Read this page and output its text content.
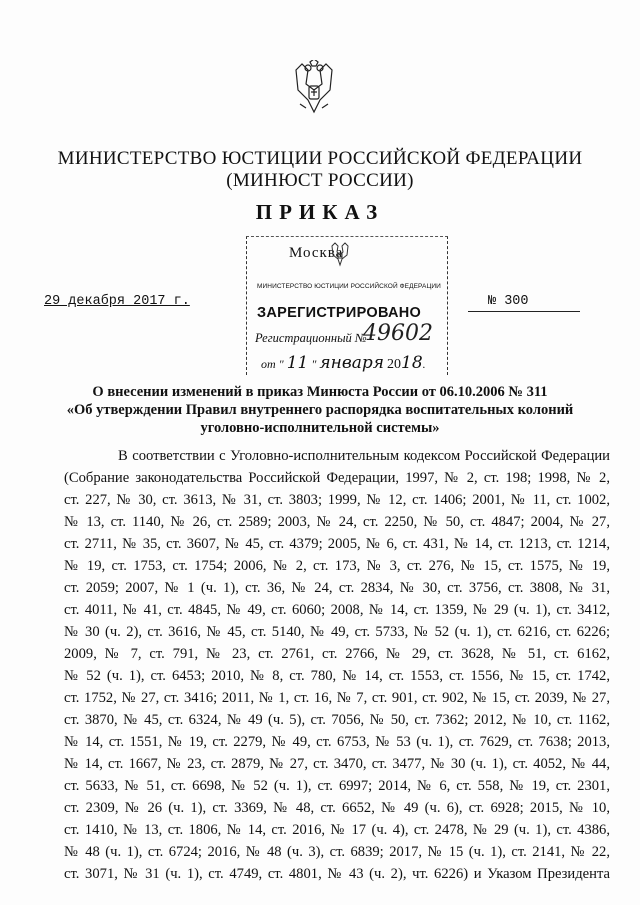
МИНИСТЕРСТВО ЮСТИЦИИ РОССИЙСКОЙ ФЕДЕРАЦИИ
(МИНЮСТ РОССИИ)
ПРИКАЗ
Москва
МИНИСТЕРСТВО ЮСТИЦИИ РОССИЙСКОЙ ФЕДЕРАЦИИ
ЗАРЕГИСТРИРОВАНО
Регистрационный №
49602
от " 11 " января 2018.
29 декабря 2017 г.	№ 300
О внесении изменений в приказ Минюста России от 06.10.2006 № 311
«Об утверждении Правил внутреннего распорядка воспитательных колоний
уголовно-исполнительной системы»
В соответствии с Уголовно-исполнительным кодексом Российской Федерации
(Собрание законодательства Российской Федерации, 1997, № 2, ст. 198; 1998, № 2,
ст. 227, № 30, ст. 3613, № 31, ст. 3803; 1999, № 12, ст. 1406; 2001, № 11, ст. 1002,
№ 13, ст. 1140, № 26, ст. 2589; 2003, № 24, ст. 2250, № 50, ст. 4847; 2004, № 27,
ст. 2711, № 35, ст. 3607, № 45, ст. 4379; 2005, № 6, ст. 431, № 14, ст. 1213, ст. 1214,
№ 19, ст. 1753, ст. 1754; 2006, № 2, ст. 173, № 3, ст. 276, № 15, ст. 1575, № 19,
ст. 2059; 2007, № 1 (ч. 1), ст. 36, № 24, ст. 2834, № 30, ст. 3756, ст. 3808, № 31,
ст. 4011, № 41, ст. 4845, № 49, ст. 6060; 2008, № 14, ст. 1359, № 29 (ч. 1), ст. 3412,
№ 30 (ч. 2), ст. 3616, № 45, ст. 5140, № 49, ст. 5733, № 52 (ч. 1), ст. 6216, ст. 6226;
2009, № 7, ст. 791, № 23, ст. 2761, ст. 2766, № 29, ст. 3628, № 51, ст. 6162,
№ 52 (ч. 1), ст. 6453; 2010, № 8, ст. 780, № 14, ст. 1553, ст. 1556, № 15, ст. 1742,
ст. 1752, № 27, ст. 3416; 2011, № 1, ст. 16, № 7, ст. 901, ст. 902, № 15, ст. 2039, № 27,
ст. 3870, № 45, ст. 6324, № 49 (ч. 5), ст. 7056, № 50, ст. 7362; 2012, № 10, ст. 1162,
№ 14, ст. 1551, № 19, ст. 2279, № 49, ст. 6753, № 53 (ч. 1), ст. 7629, ст. 7638; 2013,
№ 14, ст. 1667, № 23, ст. 2879, № 27, ст. 3470, ст. 3477, № 30 (ч. 1), ст. 4052, № 44,
ст. 5633, № 51, ст. 6698, № 52 (ч. 1), ст. 6997; 2014, № 6, ст. 558, № 19, ст. 2301,
ст. 2309, № 26 (ч. 1), ст. 3369, № 48, ст. 6652, № 49 (ч. 6), ст. 6928; 2015, № 10,
ст. 1410, № 13, ст. 1806, № 14, ст. 2016, № 17 (ч. 4), ст. 2478, № 29 (ч. 1), ст. 4386,
№ 48 (ч. 1), ст. 6724; 2016, № 48 (ч. 3), ст. 6839; 2017, № 15 (ч. 1), ст. 2141, № 22,
ст. 3071, № 31 (ч. 1), ст. 4749, ст. 4801, № 43 (ч. 2), чт. 6226) и Указом Президента
